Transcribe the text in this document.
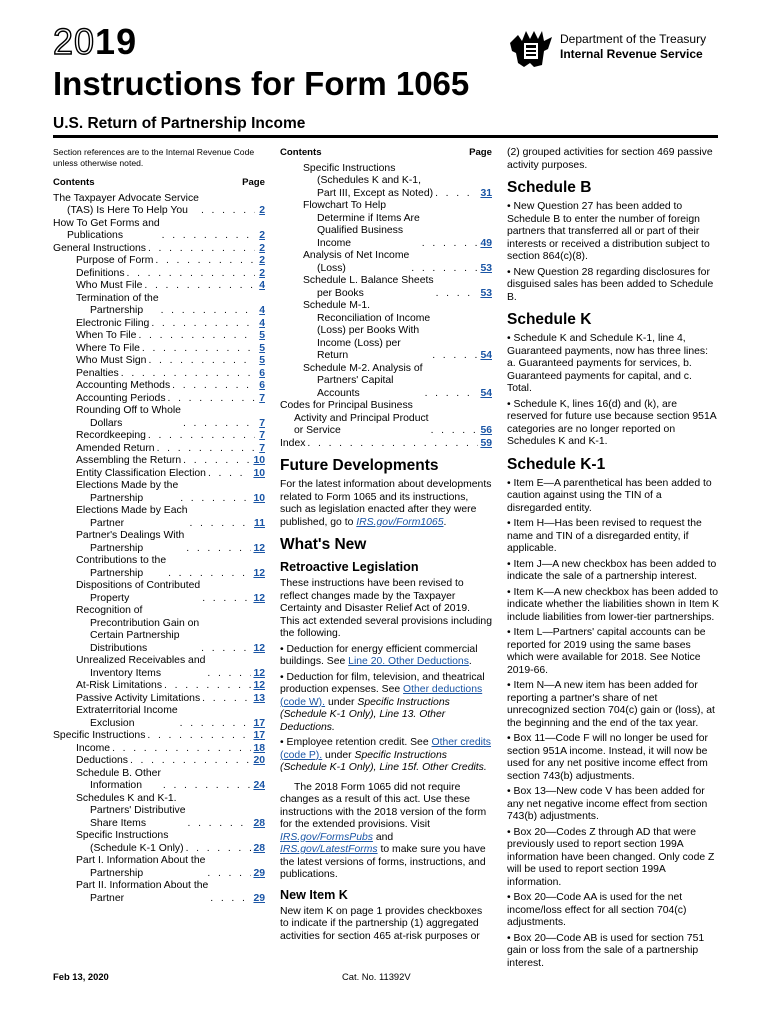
2019
Instructions for Form 1065
U.S. Return of Partnership Income
Department of the Treasury
Internal Revenue Service

Section references are to the Internal Revenue Code unless otherwise noted.

Contents	Page
The Taxpayer Advocate Service
(TAS) Is Here To Help You . . .	2
How To Get Forms and
Publications . . .	2
General Instructions . . .	2
Purpose of Form . . .	2
Definitions . . .	2
Who Must File . . .	4
Termination of the
Partnership . . .	4
Electronic Filing . . .	4
When To File . . .	5
Where To File . . .	5
Who Must Sign . . .	5
Penalties . . .	6
Accounting Methods . . .	6
Accounting Periods . . .	7
Rounding Off to Whole
Dollars . . .	7
Recordkeeping . . .	7
Amended Return . . .	7
Assembling the Return . . .	10
Entity Classification Election . . .	10
Elections Made by the
Partnership . . .	10
Elections Made by Each
Partner . . .	11
Partner's Dealings With
Partnership . . .	12
Contributions to the
Partnership . . .	12
Dispositions of Contributed
Property . . .	12
Recognition of
Precontribution Gain on
Certain Partnership
Distributions . . .	12
Unrealized Receivables and
Inventory Items . . .	12
At-Risk Limitations . . .	12
Passive Activity Limitations . . .	13
Extraterritorial Income
Exclusion . . .	17
Specific Instructions . . .	17
Income . . .	18
Deductions . . .	20
Schedule B. Other
Information . . .	24
Schedules K and K-1.
Partners' Distributive
Share Items . . .	28
Specific Instructions
(Schedule K-1 Only) . . .	28
Part I. Information About the
Partnership . . .	29
Part II. Information About the
Partner . . .	29
Contents	Page
Specific Instructions
(Schedules K and K-1,
Part III, Except as Noted) . . .	31
Flowchart To Help
Determine if Items Are
Qualified Business
Income . . .	49
Analysis of Net Income
(Loss) . . .	53
Schedule L. Balance Sheets
per Books . . .	53
Schedule M-1.
Reconciliation of Income
(Loss) per Books With
Income (Loss) per
Return . . .	54
Schedule M-2. Analysis of
Partners' Capital
Accounts . . .	54
Codes for Principal Business
Activity and Principal Product
or Service . . .	56
Index . . .	59
Future Developments

For the latest information about developments related to Form 1065 and its instructions, such as legislation enacted after they were published, go to IRS.gov/Form1065.

What's New
Retroactive Legislation

These instructions have been revised to reflect changes made by the Taxpayer Certainty and Disaster Relief Act of 2019. This act extended several provisions including the following.

• Deduction for energy efficient commercial buildings. See Line 20. Other Deductions.

• Deduction for film, television, and theatrical production expenses. See Other deductions (code W). under Specific Instructions (Schedule K-1 Only), Line 13. Other Deductions.

• Employee retention credit. See Other credits (code P). under Specific Instructions (Schedule K-1 Only), Line 15f. Other Credits.

The 2018 Form 1065 did not require changes as a result of this act. Use these instructions with the 2018 version of the form for the extended provisions. Visit IRS.gov/FormsPubs and IRS.gov/LatestForms to make sure you have the latest versions of forms, instructions, and publications.

New Item K

New item K on page 1 provides checkboxes to indicate if the partnership (1) aggregated activities for section 465 at-risk purposes or

(2) grouped activities for section 469 passive activity purposes.

Schedule B

• New Question 27 has been added to Schedule B to enter the number of foreign partners that transferred all or part of their interests or received a distribution subject to section 864(c)(8).

• New Question 28 regarding disclosures for disguised sales has been added to Schedule B.

Schedule K

• Schedule K and Schedule K-1, line 4, Guaranteed payments, now has three lines: a. Guaranteed payments for services, b. Guaranteed payments for capital, and c. Total.

• Schedule K, lines 16(d) and (k), are reserved for future use because section 951A categories are no longer reported on Schedules K and K-1.

Schedule K-1

• Item E—A parenthetical has been added to caution against using the TIN of a disregarded entity.

• Item H—Has been revised to request the name and TIN of a disregarded entity, if applicable.

• Item J—A new checkbox has been added to indicate the sale of a partnership interest.

• Item K—A new checkbox has been added to indicate whether the liabilities shown in Item K include liabilities from lower-tier partnerships.

• Item L—Partners' capital accounts can be reported for 2019 using the same bases which were available for 2018. See Notice 2019-66.

• Item N—A new item has been added for reporting a partner's share of net unrecognized section 704(c) gain or (loss), at the beginning and the end of the tax year.

• Box 11—Code F will no longer be used for section 951A income. Instead, it will now be used for any net positive income effect from section 743(b) adjustments.

• Box 13—New code V has been added for any net negative income effect from section 743(b) adjustments.

• Box 20—Codes Z through AD that were previously used to report section 199A information have been changed. Only code Z will be used to report section 199A information.

• Box 20—Code AA is used for the net income/loss effect for all section 704(c) adjustments.

• Box 20—Code AB is used for section 751 gain or loss from the sale of a partnership interest.

Feb 13, 2020	Cat. No. 11392V
